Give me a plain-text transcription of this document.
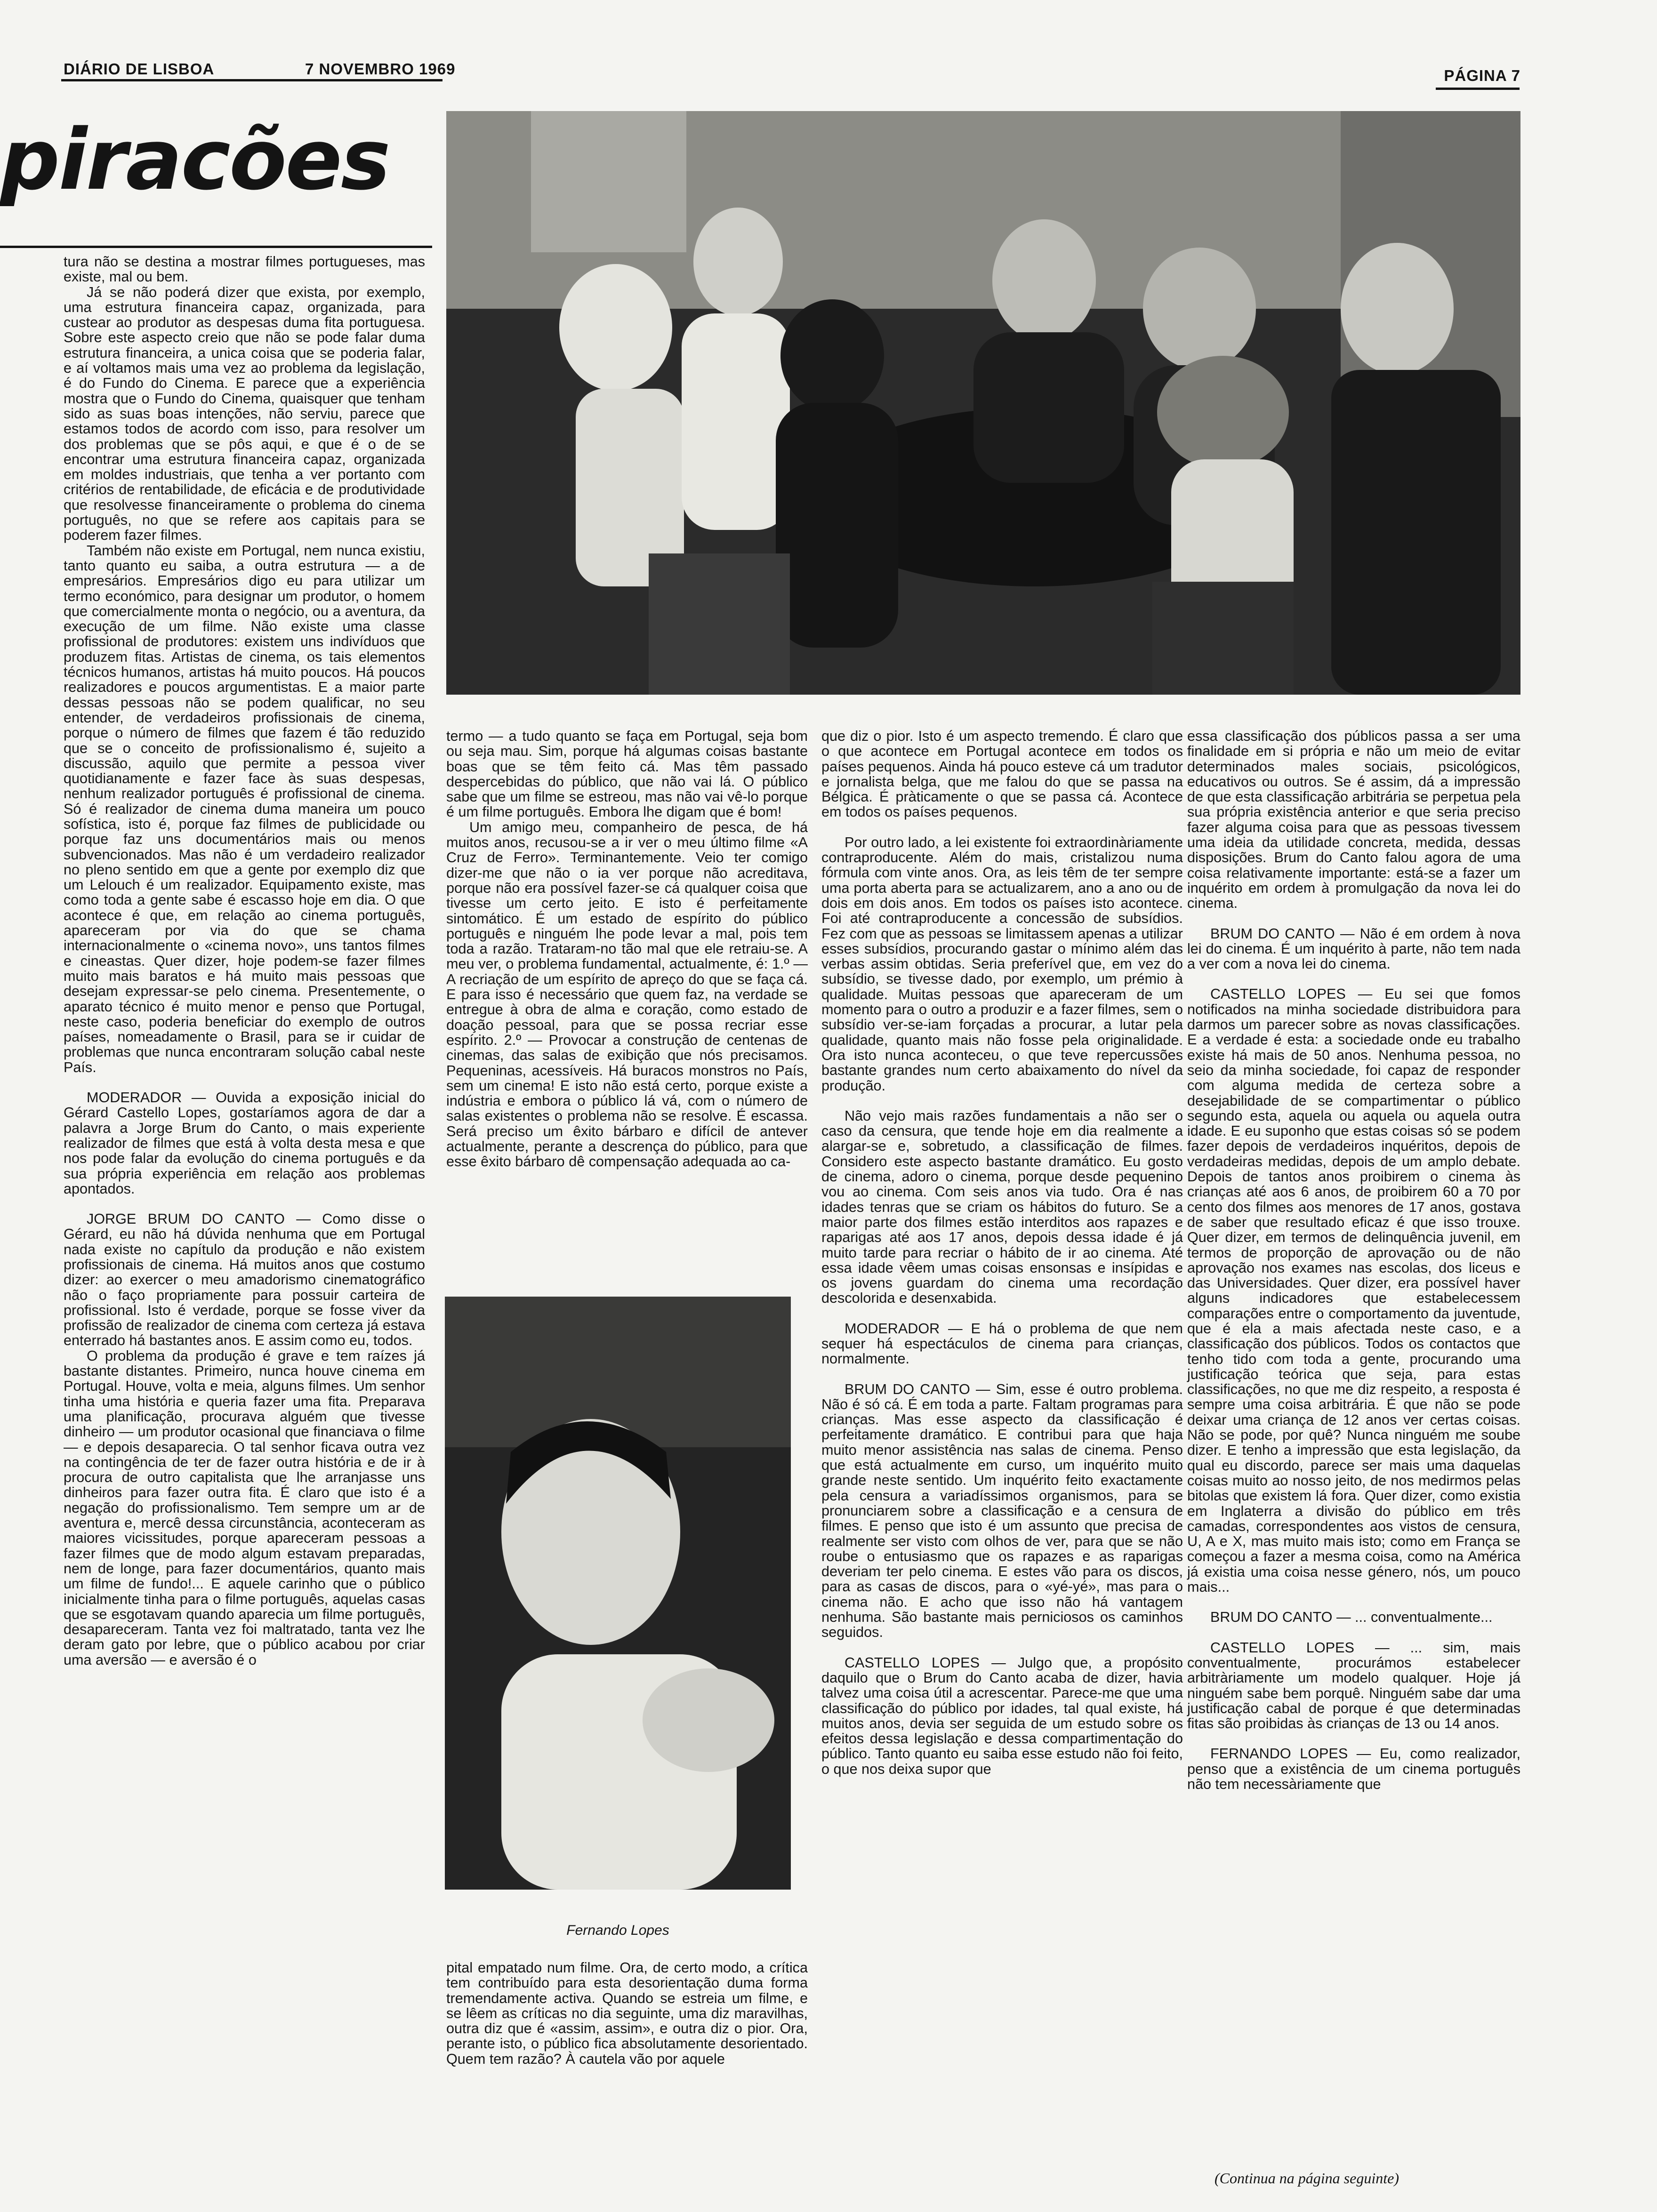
DIÁRIO DE LISBOA	7 NOVEMBRO 1969	PÁGINA 7
piracões

tura não se destina a mostrar filmes portugueses, mas existe, mal ou bem.

Já se não poderá dizer que exista, por exemplo, uma estrutura financeira capaz, organizada, para custear ao produtor as despesas duma fita portuguesa. Sobre este aspecto creio que não se pode falar duma estrutura financeira, a unica coisa que se poderia falar, e aí voltamos mais uma vez ao problema da legislação, é do Fundo do Cinema. E parece que a experiência mostra que o Fundo do Cinema, quaisquer que tenham sido as suas boas intenções, não serviu, parece que estamos todos de acordo com isso, para resolver um dos problemas que se pôs aqui, e que é o de se encontrar uma estrutura financeira capaz, organizada em moldes industriais, que tenha a ver portanto com critérios de rentabilidade, de eficácia e de produtividade que resolvesse financeiramente o problema do cinema português, no que se refere aos capitais para se poderem fazer filmes.

Também não existe em Portugal, nem nunca existiu, tanto quanto eu saiba, a outra estrutura — a de empresários. Empresários digo eu para utilizar um termo económico, para designar um produtor, o homem que comercialmente monta o negócio, ou a aventura, da execução de um filme. Não existe uma classe profissional de produtores: existem uns indivíduos que produzem fitas. Artistas de cinema, os tais elementos técnicos humanos, artistas há muito poucos. Há poucos realizadores e poucos argumentistas. E a maior parte dessas pessoas não se podem qualificar, no seu entender, de verdadeiros profissionais de cinema, porque o número de filmes que fazem é tão reduzido que se o conceito de profissionalismo é, sujeito a discussão, aquilo que permite a pessoa viver quotidianamente e fazer face às suas despesas, nenhum realizador português é profissional de cinema. Só é realizador de cinema duma maneira um pouco sofística, isto é, porque faz filmes de publicidade ou porque faz uns documentários mais ou menos subvencionados. Mas não é um verdadeiro realizador no pleno sentido em que a gente por exemplo diz que um Lelouch é um realizador. Equipamento existe, mas como toda a gente sabe é escasso hoje em dia. O que acontece é que, em relação ao cinema português, apareceram por via do que se chama internacionalmente o «cinema novo», uns tantos filmes e cineastas. Quer dizer, hoje podem-se fazer filmes muito mais baratos e há muito mais pessoas que desejam expressar-se pelo cinema. Presentemente, o aparato técnico é muito menor e penso que Portugal, neste caso, poderia beneficiar do exemplo de outros países, nomeadamente o Brasil, para se ir cuidar de problemas que nunca encontraram solução cabal neste País.

MODERADOR — Ouvida a exposição inicial do Gérard Castello Lopes, gostaríamos agora de dar a palavra a Jorge Brum do Canto, o mais experiente realizador de filmes que está à volta desta mesa e que nos pode falar da evolução do cinema português e da sua própria experiência em relação aos problemas apontados.

JORGE BRUM DO CANTO — Como disse o Gérard, eu não há dúvida nenhuma que em Portugal nada existe no capítulo da produção e não existem profissionais de cinema. Há muitos anos que costumo dizer: ao exercer o meu amadorismo cinematográfico não o faço propriamente para possuir carteira de profissional. Isto é verdade, porque se fosse viver da profissão de realizador de cinema com certeza já estava enterrado há bastantes anos. E assim como eu, todos.

O problema da produção é grave e tem raízes já bastante distantes. Primeiro, nunca houve cinema em Portugal. Houve, volta e meia, alguns filmes. Um senhor tinha uma história e queria fazer uma fita. Preparava uma planificação, procurava alguém que tivesse dinheiro — um produtor ocasional que financiava o filme — e depois desaparecia. O tal senhor ficava outra vez na contingência de ter de fazer outra história e de ir à procura de outro capitalista que lhe arranjasse uns dinheiros para fazer outra fita. É claro que isto é a negação do profissionalismo. Tem sempre um ar de aventura e, mercê dessa circunstância, aconteceram as maiores vicissitudes, porque apareceram pessoas a fazer filmes que de modo algum estavam preparadas, nem de longe, para fazer documentários, quanto mais um filme de fundo!... E aquele carinho que o público inicialmente tinha para o filme português, aquelas casas que se esgotavam quando aparecia um filme português, desapareceram. Tanta vez foi maltratado, tanta vez lhe deram gato por lebre, que o público acabou por criar uma aversão — e aversão é o

termo — a tudo quanto se faça em Portugal, seja bom ou seja mau. Sim, porque há algumas coisas bastante boas que se têm feito cá. Mas têm passado despercebidas do público, que não vai lá. O público sabe que um filme se estreou, mas não vai vê-lo porque é um filme português. Embora lhe digam que é bom!

Um amigo meu, companheiro de pesca, de há muitos anos, recusou-se a ir ver o meu último filme «A Cruz de Ferro». Terminantemente. Veio ter comigo dizer-me que não o ia ver porque não acreditava, porque não era possível fazer-se cá qualquer coisa que tivesse um certo jeito. E isto é perfeitamente sintomático. É um estado de espírito do público português e ninguém lhe pode levar a mal, pois tem toda a razão. Trataram-no tão mal que ele retraiu-se. A meu ver, o problema fundamental, actualmente, é: 1.º — A recriação de um espírito de apreço do que se faça cá. E para isso é necessário que quem faz, na verdade se entregue à obra de alma e coração, como estado de doação pessoal, para que se possa recriar esse espírito. 2.º — Provocar a construção de centenas de cinemas, das salas de exibição que nós precisamos. Pequeninas, acessíveis. Há buracos monstros no País, sem um cinema! E isto não está certo, porque existe a indústria e embora o público lá vá, com o número de salas existentes o problema não se resolve. É escassa. Será preciso um êxito bárbaro e difícil de antever actualmente, perante a descrença do público, para que esse êxito bárbaro dê compensação adequada ao ca-

Fernando Lopes

pital empatado num filme. Ora, de certo modo, a crítica tem contribuído para esta desorientação duma forma tremendamente activa. Quando se estreia um filme, e se lêem as críticas no dia seguinte, uma diz maravilhas, outra diz que é «assim, assim», e outra diz o pior. Ora, perante isto, o público fica absolutamente desorientado. Quem tem razão? À cautela vão por aquele

que diz o pior. Isto é um aspecto tremendo. É claro que o que acontece em Portugal acontece em todos os países pequenos. Ainda há pouco esteve cá um tradutor e jornalista belga, que me falou do que se passa na Bélgica. É pràticamente o que se passa cá. Acontece em todos os países pequenos.

Por outro lado, a lei existente foi extraordinàriamente contraproducente. Além do mais, cristalizou numa fórmula com vinte anos. Ora, as leis têm de ter sempre uma porta aberta para se actualizarem, ano a ano ou de dois em dois anos. Em todos os países isto acontece. Foi até contraproducente a concessão de subsídios. Fez com que as pessoas se limitassem apenas a utilizar esses subsídios, procurando gastar o mínimo além das verbas assim obtidas. Seria preferível que, em vez do subsídio, se tivesse dado, por exemplo, um prémio à qualidade. Muitas pessoas que apareceram de um momento para o outro a produzir e a fazer filmes, sem o subsídio ver-se-iam forçadas a procurar, a lutar pela qualidade, quanto mais não fosse pela originalidade. Ora isto nunca aconteceu, o que teve repercussões bastante grandes num certo abaixamento do nível da produção.

Não vejo mais razões fundamentais a não ser o caso da censura, que tende hoje em dia realmente a alargar-se e, sobretudo, a classificação de filmes. Considero este aspecto bastante dramático. Eu gosto de cinema, adoro o cinema, porque desde pequenino vou ao cinema. Com seis anos via tudo. Ora é nas idades tenras que se criam os hábitos do futuro. Se a maior parte dos filmes estão interditos aos rapazes e raparigas até aos 17 anos, depois dessa idade é já muito tarde para recriar o hábito de ir ao cinema. Até essa idade vêem umas coisas ensonsas e insípidas e os jovens guardam do cinema uma recordação descolorida e desenxabida.

MODERADOR — E há o problema de que nem sequer há espectáculos de cinema para crianças, normalmente.

BRUM DO CANTO — Sim, esse é outro problema. Não é só cá. É em toda a parte. Faltam programas para crianças. Mas esse aspecto da classificação é perfeitamente dramático. E contribui para que haja muito menor assistência nas salas de cinema. Penso que está actualmente em curso, um inquérito muito grande neste sentido. Um inquérito feito exactamente pela censura a variadíssimos organismos, para se pronunciarem sobre a classificação e a censura de filmes. E penso que isto é um assunto que precisa de realmente ser visto com olhos de ver, para que se não roube o entusiasmo que os rapazes e as raparigas deveriam ter pelo cinema. E estes vão para os discos, para as casas de discos, para o «yé-yé», mas para o cinema não. E acho que isso não há vantagem nenhuma. São bastante mais perniciosos os caminhos seguidos.

CASTELLO LOPES — Julgo que, a propósito daquilo que o Brum do Canto acaba de dizer, havia talvez uma coisa útil a acrescentar. Parece-me que uma classificação do público por idades, tal qual existe, há muitos anos, devia ser seguida de um estudo sobre os efeitos dessa legislação e dessa compartimentação do público. Tanto quanto eu saiba esse estudo não foi feito, o que nos deixa supor que

essa classificação dos públicos passa a ser uma finalidade em si própria e não um meio de evitar determinados males sociais, psicológicos, educativos ou outros. Se é assim, dá a impressão de que esta classificação arbitrária se perpetua pela sua própria existência anterior e que seria preciso fazer alguma coisa para que as pessoas tivessem uma ideia da utilidade concreta, medida, dessas disposições. Brum do Canto falou agora de uma coisa relativamente importante: está-se a fazer um inquérito em ordem à promulgação da nova lei do cinema.

BRUM DO CANTO — Não é em ordem à nova lei do cinema. É um inquérito à parte, não tem nada a ver com a nova lei do cinema.

CASTELLO LOPES — Eu sei que fomos notificados na minha sociedade distribuidora para darmos um parecer sobre as novas classificações. E a verdade é esta: a sociedade onde eu trabalho existe há mais de 50 anos. Nenhuma pessoa, no seio da minha sociedade, foi capaz de responder com alguma medida de certeza sobre a desejabilidade de se compartimentar o público segundo esta, aquela ou aquela ou aquela outra idade. E eu suponho que estas coisas só se podem fazer depois de verdadeiros inquéritos, depois de verdadeiras medidas, depois de um amplo debate. Depois de tantos anos proibirem o cinema às crianças até aos 6 anos, de proibirem 60 a 70 por cento dos filmes aos menores de 17 anos, gostava de saber que resultado eficaz é que isso trouxe. Quer dizer, em termos de delinquência juvenil, em termos de proporção de aprovação ou de não aprovação nos exames nas escolas, dos liceus e das Universidades. Quer dizer, era possível haver alguns indicadores que estabelecessem comparações entre o comportamento da juventude, que é ela a mais afectada neste caso, e a classificação dos públicos. Todos os contactos que tenho tido com toda a gente, procurando uma justificação teórica que seja, para estas classificações, no que me diz respeito, a resposta é sempre uma coisa arbitrária. É que não se pode deixar uma criança de 12 anos ver certas coisas. Não se pode, por quê? Nunca ninguém me soube dizer. E tenho a impressão que esta legislação, da qual eu discordo, parece ser mais uma daquelas coisas muito ao nosso jeito, de nos medirmos pelas bitolas que existem lá fora. Quer dizer, como existia em Inglaterra a divisão do público em três camadas, correspondentes aos vistos de censura, U, A e X, mas muito mais isto; como em França se começou a fazer a mesma coisa, como na América já existia uma coisa nesse género, nós, um pouco mais...

BRUM DO CANTO — ... conventualmente...

CASTELLO LOPES — ... sim, mais conventualmente, procurámos estabelecer arbitràriamente um modelo qualquer. Hoje já ninguém sabe bem porquê. Ninguém sabe dar uma justificação cabal de porque é que determinadas fitas são proibidas às crianças de 13 ou 14 anos.

FERNANDO LOPES — Eu, como realizador, penso que a existência de um cinema português não tem necessàriamente que

(Continua na página seguinte)
